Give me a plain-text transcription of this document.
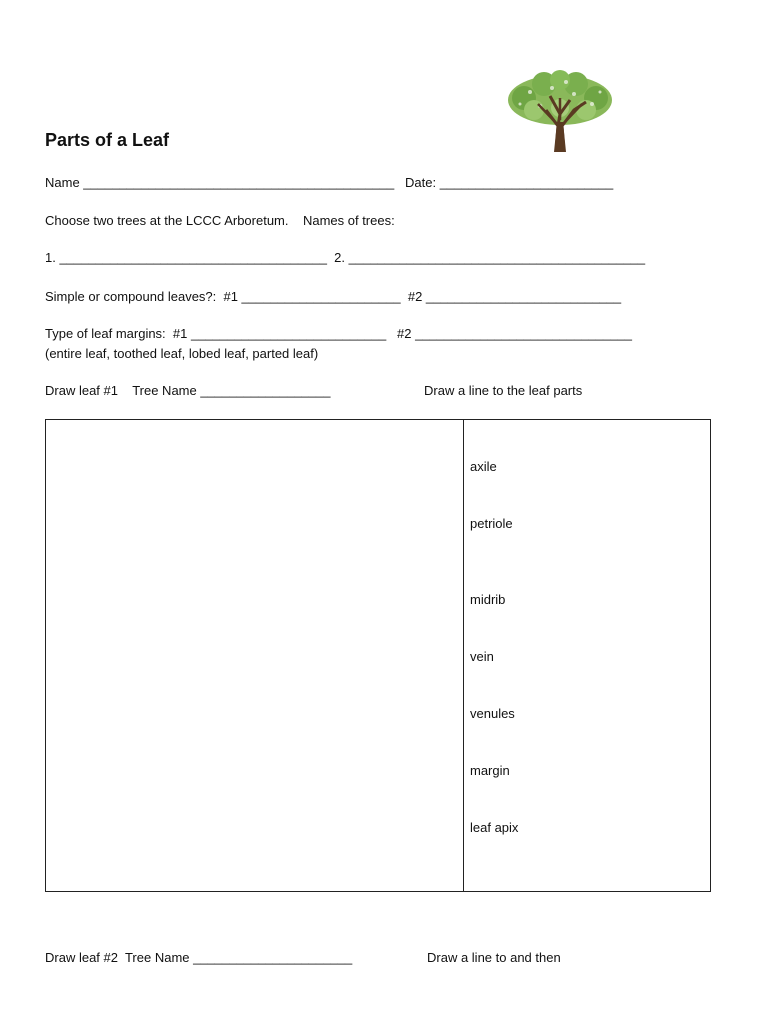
Parts of a Leaf
Name ___________________________________________   Date: ________________________
Choose two trees at the LCCC Arboretum.    Names of trees:
1. _____________________________________  2. _________________________________________
Simple or compound leaves?:  #1 ______________________  #2 ___________________________
Type of leaf margins:  #1 ___________________________   #2 ______________________________
(entire leaf, toothed leaf, lobed leaf, parted leaf)
Draw leaf #1    Tree Name __________________	Draw a line to the leaf parts
axile
petriole
midrib
vein
venules
margin
leaf apix
Draw leaf #2  Tree Name ______________________	Draw a line to and then
